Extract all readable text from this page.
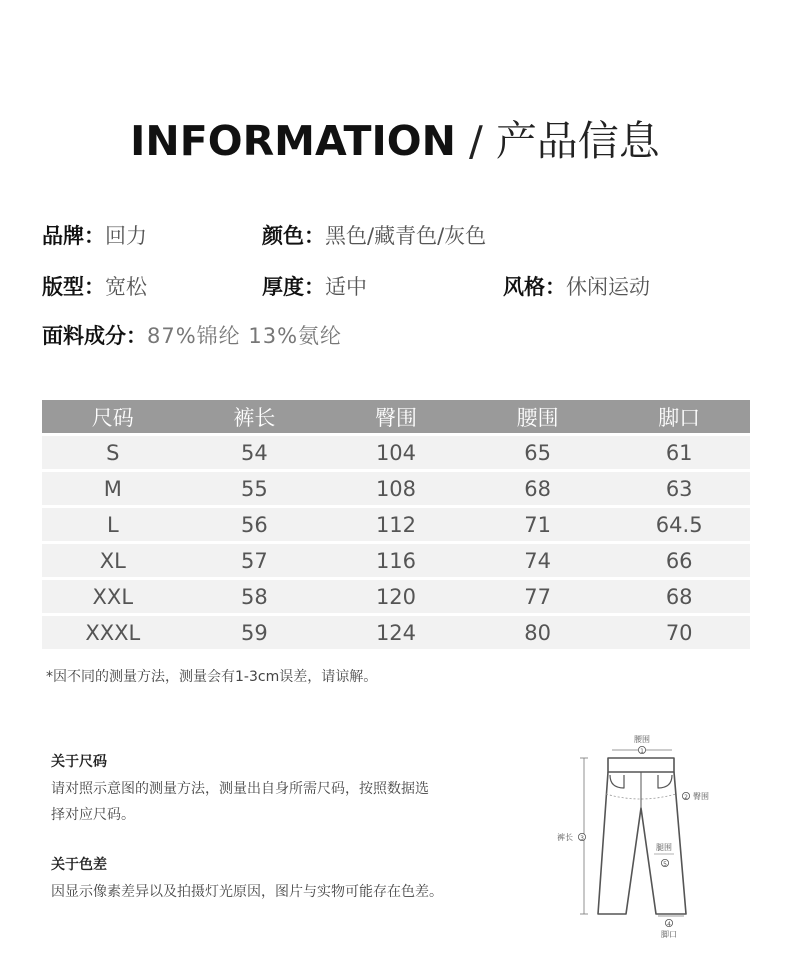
INFORMATION / 产品信息
品牌：回力	颜色：黑色/藏青色/灰色
版型：宽松	厚度：适中	风格：休闲运动
面料成分：87%锦纶 13%氨纶
尺码	裤长	臀围	腰围	脚口
S	54	104	65	61
M	55	108	68	63
L	56	112	71	64.5
XL	57	116	74	66
XXL	58	120	77	68
XXXL	59	124	80	70
*因不同的测量方法，测量会有1-3cm误差，请谅解。
关于尺码
请对照示意图的测量方法，测量出自身所需尺码，按照数据选
择对应尺码。
关于色差
因显示像素差异以及拍摄灯光原因，图片与实物可能存在色差。
腰围
1
2 臀围
裤长 3
腿围
5
4
脚口
